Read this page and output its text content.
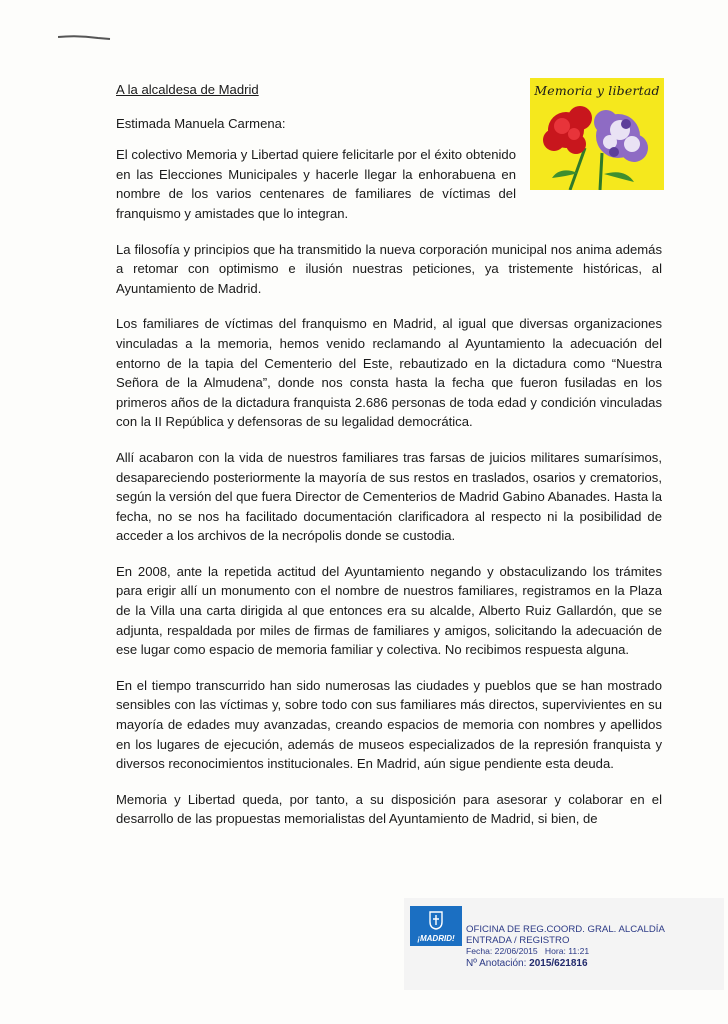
Memoria y libertad

A la alcaldesa de Madrid

Estimada Manuela Carmena:

El colectivo Memoria y Libertad quiere felicitarle por el éxito obtenido en las Elecciones Municipales y hacerle llegar la enhorabuena en nombre de los varios centenares de familiares de víctimas del franquismo y amistades que lo integran.

La filosofía y principios que ha transmitido la nueva corporación municipal nos anima además a retomar con optimismo e ilusión nuestras peticiones, ya tristemente históricas, al Ayuntamiento de Madrid.

Los familiares de víctimas del franquismo en Madrid, al igual que diversas organizaciones vinculadas a la memoria, hemos venido reclamando al Ayuntamiento la adecuación del entorno de la tapia del Cementerio del Este, rebautizado en la dictadura como “Nuestra Señora de la Almudena”, donde nos consta hasta la fecha que fueron fusiladas en los primeros años de la dictadura franquista 2.686 personas de toda edad y condición vinculadas con la II República y defensoras de su legalidad democrática.

Allí acabaron con la vida de nuestros familiares tras farsas de juicios militares sumarísimos, desapareciendo posteriormente la mayoría de sus restos en traslados, osarios y crematorios, según la versión del que fuera Director de Cementerios de Madrid Gabino Abanades. Hasta la fecha, no se nos ha facilitado documentación clarificadora al respecto ni la posibilidad de acceder a los archivos de la necrópolis donde se custodia.

En 2008, ante la repetida actitud del Ayuntamiento negando y obstaculizando los trámites para erigir allí un monumento con el nombre de nuestros familiares, registramos en la Plaza de la Villa una carta dirigida al que entonces era su alcalde, Alberto Ruiz Gallardón, que se adjunta, respaldada por miles de firmas de familiares y amigos, solicitando la adecuación de ese lugar como espacio de memoria familiar y colectiva. No recibimos respuesta alguna.

En el tiempo transcurrido han sido numerosas las ciudades y pueblos que se han mostrado sensibles con las víctimas y, sobre todo con sus familiares más directos, supervivientes en su mayoría de edades muy avanzadas, creando espacios de memoria con nombres y apellidos en los lugares de ejecución, además de museos especializados de la represión franquista y diversos reconocimientos institucionales. En Madrid, aún sigue pendiente esta deuda.

Memoria y Libertad queda, por tanto, a su disposición para asesorar y colaborar en el desarrollo de las propuestas memorialistas del Ayuntamiento de Madrid, si bien, de

¡MADRID!
OFICINA DE REG.COORD. GRAL. ALCALDÍA
ENTRADA / REGISTRO
Fecha: 22/06/2015 Hora: 11:21
Nº Anotación: 2015/621816
